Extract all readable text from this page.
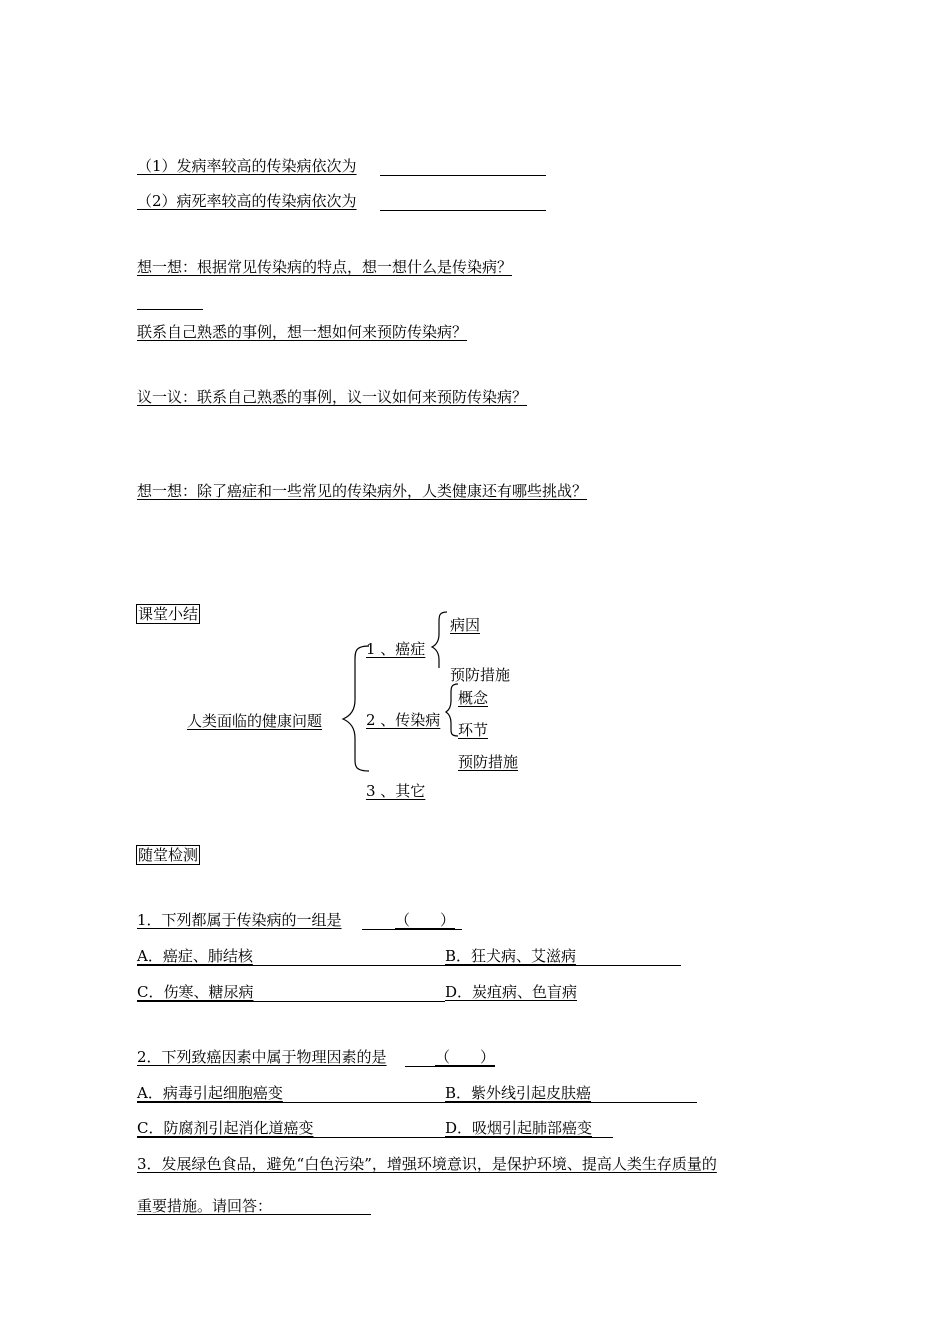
（1）发病率较高的传染病依次为
（2）病死率较高的传染病依次为
想一想：根据常见传染病的特点，想一想什么是传染病？
联系自己熟悉的事例，想一想如何来预防传染病？
议一议：联系自己熟悉的事例，议一议如何来预防传染病？
想一想：除了癌症和一些常见的传染病外，人类健康还有哪些挑战？
课堂小结
病因
1 、癌症
预防措施
概念
人类面临的健康问题	2 、传染病
环节
预防措施
3 、其它
随堂检测
1．下列都属于传染病的一组是	（　　）
A．癌症、肺结核	B．狂犬病、艾滋病
C．伤寒、糖尿病	D．炭疽病、色盲病
2．下列致癌因素中属于物理因素的是	（　　）
A．病毒引起细胞癌变	B．紫外线引起皮肤癌
C．防腐剂引起消化道癌变	D．吸烟引起肺部癌变
3．发展绿色食品，避免“白色污染”，增强环境意识，是保护环境、提高人类生存质量的
重要措施。请回答：
